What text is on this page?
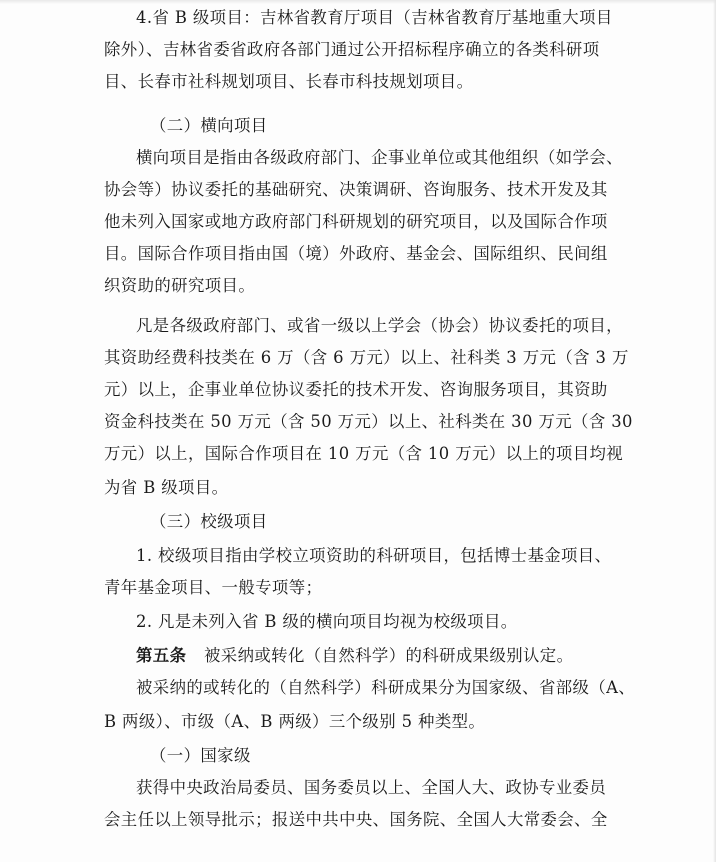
4.省 B 级项目：吉林省教育厅项目（吉林省教育厅基地重大项目
除外）、吉林省委省政府各部门通过公开招标程序确立的各类科研项
目、长春市社科规划项目、长春市科技规划项目。
（二）横向项目
横向项目是指由各级政府部门、企事业单位或其他组织（如学会、
协会等）协议委托的基础研究、决策调研、咨询服务、技术开发及其
他未列入国家或地方政府部门科研规划的研究项目，以及国际合作项
目。国际合作项目指由国（境）外政府、基金会、国际组织、民间组
织资助的研究项目。
凡是各级政府部门、或省一级以上学会（协会）协议委托的项目，
其资助经费科技类在 6 万（含 6 万元）以上、社科类 3 万元（含 3 万
元）以上，企事业单位协议委托的技术开发、咨询服务项目，其资助
资金科技类在 50 万元（含 50 万元）以上、社科类在 30 万元（含 30
万元）以上，国际合作项目在 10 万元（含 10 万元）以上的项目均视
为省 B 级项目。
（三）校级项目
1. 校级项目指由学校立项资助的科研项目，包括博士基金项目、
青年基金项目、一般专项等；
2. 凡是未列入省 B 级的横向项目均视为校级项目。
第五条 被采纳或转化（自然科学）的科研成果级别认定。
被采纳的或转化的（自然科学）科研成果分为国家级、省部级（A、
B 两级）、市级（A、B 两级）三个级别 5 种类型。
（一）国家级
获得中央政治局委员、国务委员以上、全国人大、政协专业委员
会主任以上领导批示；报送中共中央、国务院、全国人大常委会、全
